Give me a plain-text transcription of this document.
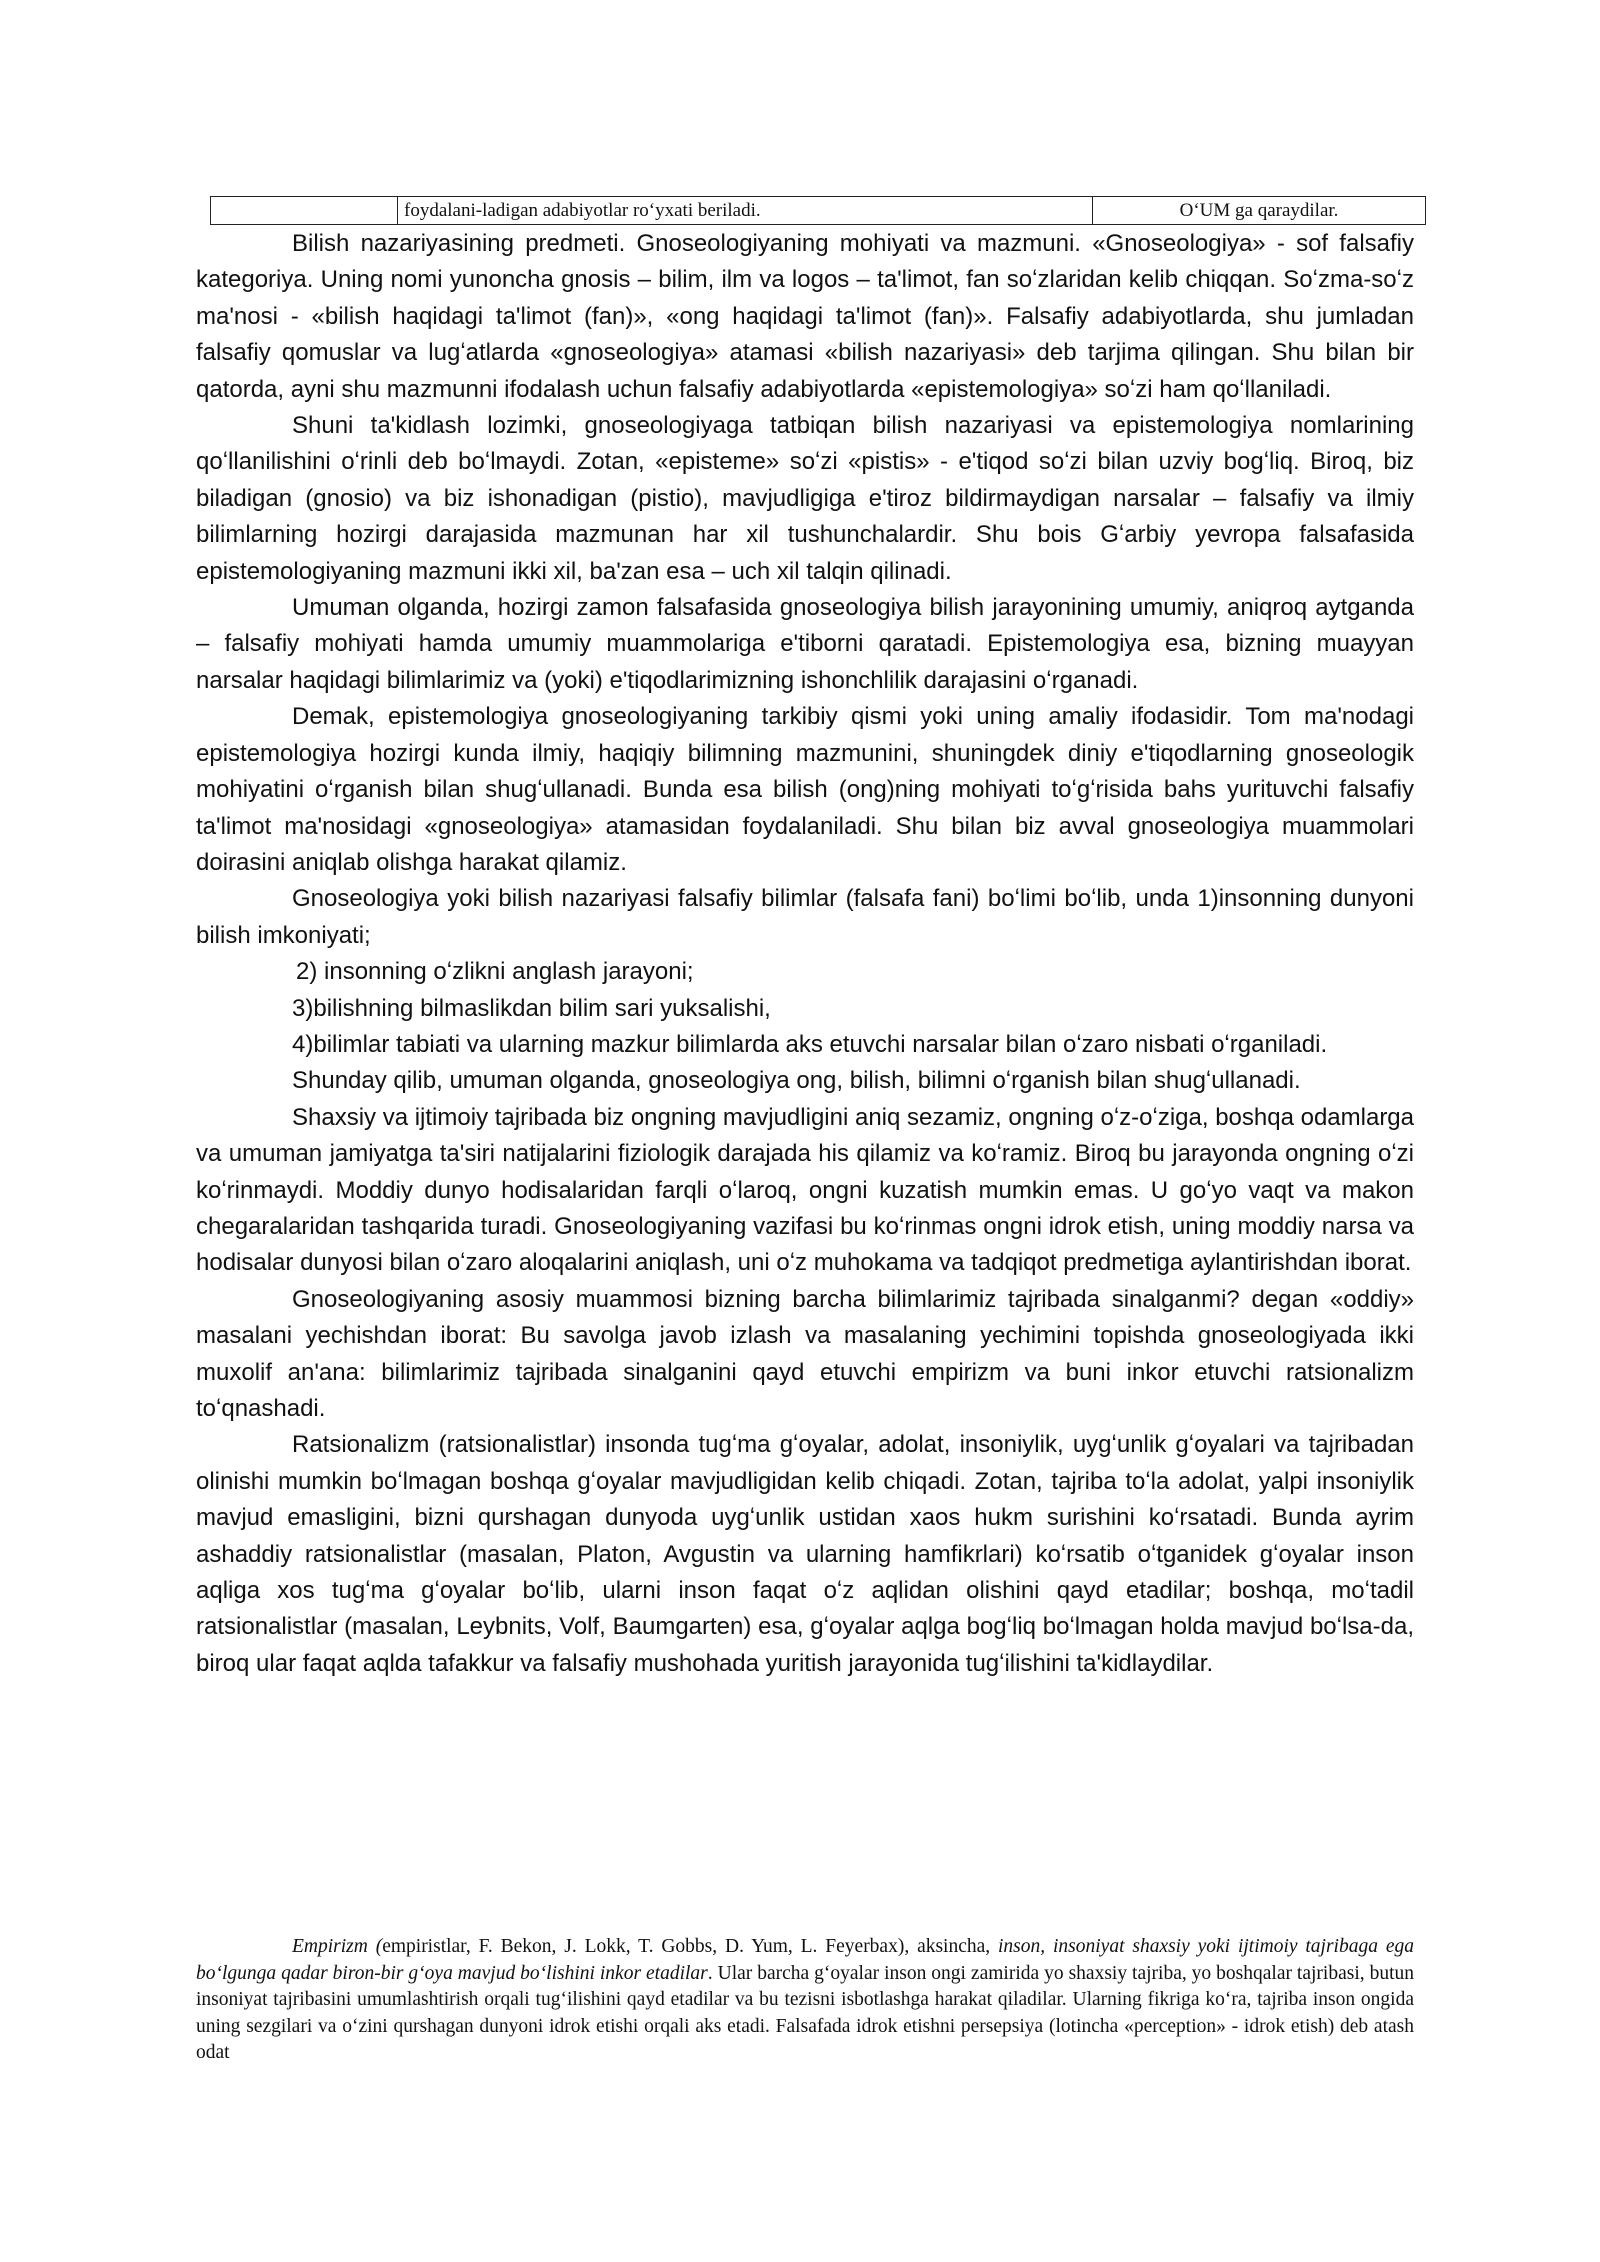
	foydalani-ladigan adabiyotlar roʻyxati beriladi.	OʻUM ga qaraydilar.

Bilish nazariyasining predmeti. Gnoseologiyaning mohiyati va mazmuni. «Gnoseologiya» - sof falsafiy kategoriya. Uning nomi yunoncha gnosis – bilim, ilm va logos – ta'limot, fan soʻzlaridan kelib chiqqan. Soʻzma-soʻz ma'nosi - «bilish haqidagi ta'limot (fan)», «ong haqidagi ta'limot (fan)». Falsafiy adabiyotlarda, shu jumladan falsafiy qomuslar va lugʻatlarda «gnoseologiya» atamasi «bilish nazariyasi» deb tarjima qilingan. Shu bilan bir qatorda, ayni shu mazmunni ifodalash uchun falsafiy adabiyotlarda «epistemologiya» soʻzi ham qoʻllaniladi.

Shuni ta'kidlash lozimki, gnoseologiyaga tatbiqan bilish nazariyasi va epistemologiya nomlarining qoʻllanilishini oʻrinli deb boʻlmaydi. Zotan, «episteme» soʻzi «pistis» - e'tiqod soʻzi bilan uzviy bogʻliq. Biroq, biz biladigan (gnosio) va biz ishonadigan (pistio), mavjudligiga e'tiroz bildirmaydigan narsalar – falsafiy va ilmiy bilimlarning hozirgi darajasida mazmunan har xil tushunchalardir. Shu bois Gʻarbiy yevropa falsafasida epistemologiyaning mazmuni ikki xil, ba'zan esa – uch xil talqin qilinadi.

Umuman olganda, hozirgi zamon falsafasida gnoseologiya bilish jarayonining umumiy, aniqroq aytganda – falsafiy mohiyati hamda umumiy muammolariga e'tiborni qaratadi. Epistemologiya esa, bizning muayyan narsalar haqidagi bilimlarimiz va (yoki) e'tiqodlarimizning ishonchlilik darajasini oʻrganadi.

Demak, epistemologiya gnoseologiyaning tarkibiy qismi yoki uning amaliy ifodasidir. Tom ma'nodagi epistemologiya hozirgi kunda ilmiy, haqiqiy bilimning mazmunini, shuningdek diniy e'tiqodlarning gnoseologik mohiyatini oʻrganish bilan shugʻullanadi. Bunda esa bilish (ong)ning mohiyati toʻgʻrisida bahs yurituvchi falsafiy ta'limot ma'nosidagi «gnoseologiya» atamasidan foydalaniladi. Shu bilan biz avval gnoseologiya muammolari doirasini aniqlab olishga harakat qilamiz.

Gnoseologiya yoki bilish nazariyasi falsafiy bilimlar (falsafa fani) boʻlimi boʻlib, unda 1)insonning dunyoni bilish imkoniyati;

2) insonning oʻzlikni anglash jarayoni;

3)bilishning bilmaslikdan bilim sari yuksalishi,

4)bilimlar tabiati va ularning mazkur bilimlarda aks etuvchi narsalar bilan oʻzaro nisbati oʻrganiladi.

Shunday qilib, umuman olganda, gnoseologiya ong, bilish, bilimni oʻrganish bilan shugʻullanadi.

Shaxsiy va ijtimoiy tajribada biz ongning mavjudligini aniq sezamiz, ongning oʻz-oʻziga, boshqa odamlarga va umuman jamiyatga ta'siri natijalarini fiziologik darajada his qilamiz va koʻramiz. Biroq bu jarayonda ongning oʻzi koʻrinmaydi. Moddiy dunyo hodisalaridan farqli oʻlaroq, ongni kuzatish mumkin emas. U goʻyo vaqt va makon chegaralaridan tashqarida turadi. Gnoseologiyaning vazifasi bu koʻrinmas ongni idrok etish, uning moddiy narsa va hodisalar dunyosi bilan oʻzaro aloqalarini aniqlash, uni oʻz muhokama va tadqiqot predmetiga aylantirishdan iborat.

Gnoseologiyaning asosiy muammosi bizning barcha bilimlarimiz tajribada sinalganmi? degan «oddiy» masalani yechishdan iborat: Bu savolga javob izlash va masalaning yechimini topishda gnoseologiyada ikki muxolif an'ana: bilimlarimiz tajribada sinalganini qayd etuvchi empirizm va buni inkor etuvchi ratsionalizm toʻqnashadi.

Ratsionalizm (ratsionalistlar) insonda tugʻma gʻoyalar, adolat, insoniylik, uygʻunlik gʻoyalari va tajribadan olinishi mumkin boʻlmagan boshqa gʻoyalar mavjudligidan kelib chiqadi. Zotan, tajriba toʻla adolat, yalpi insoniylik mavjud emasligini, bizni qurshagan dunyoda uygʻunlik ustidan xaos hukm surishini koʻrsatadi. Bunda ayrim ashaddiy ratsionalistlar (masalan, Platon, Avgustin va ularning hamfikrlari) koʻrsatib oʻtganidek gʻoyalar inson aqliga xos tugʻma gʻoyalar boʻlib, ularni inson faqat oʻz aqlidan olishini qayd etadilar; boshqa, moʻtadil ratsionalistlar (masalan, Leybnits, Volf, Baumgarten) esa, gʻoyalar aqlga bogʻliq boʻlmagan holda mavjud boʻlsa-da, biroq ular faqat aqlda tafakkur va falsafiy mushohada yuritish jarayonida tugʻilishini ta'kidlaydilar.

Empirizm (empiristlar, F. Bekon, J. Lokk, T. Gobbs, D. Yum, L. Feyerbax), aksincha, inson, insoniyat shaxsiy yoki ijtimoiy tajribaga ega boʻlgunga qadar biron-bir gʻoya mavjud boʻlishini inkor etadilar. Ular barcha gʻoyalar inson ongi zamirida yo shaxsiy tajriba, yo boshqalar tajribasi, butun insoniyat tajribasini umumlashtirish orqali tugʻilishini qayd etadilar va bu tezisni isbotlashga harakat qiladilar. Ularning fikriga koʻra, tajriba inson ongida uning sezgilari va oʻzini qurshagan dunyoni idrok etishi orqali aks etadi. Falsafada idrok etishni persepsiya (lotincha «perception» - idrok etish) deb atash odat
